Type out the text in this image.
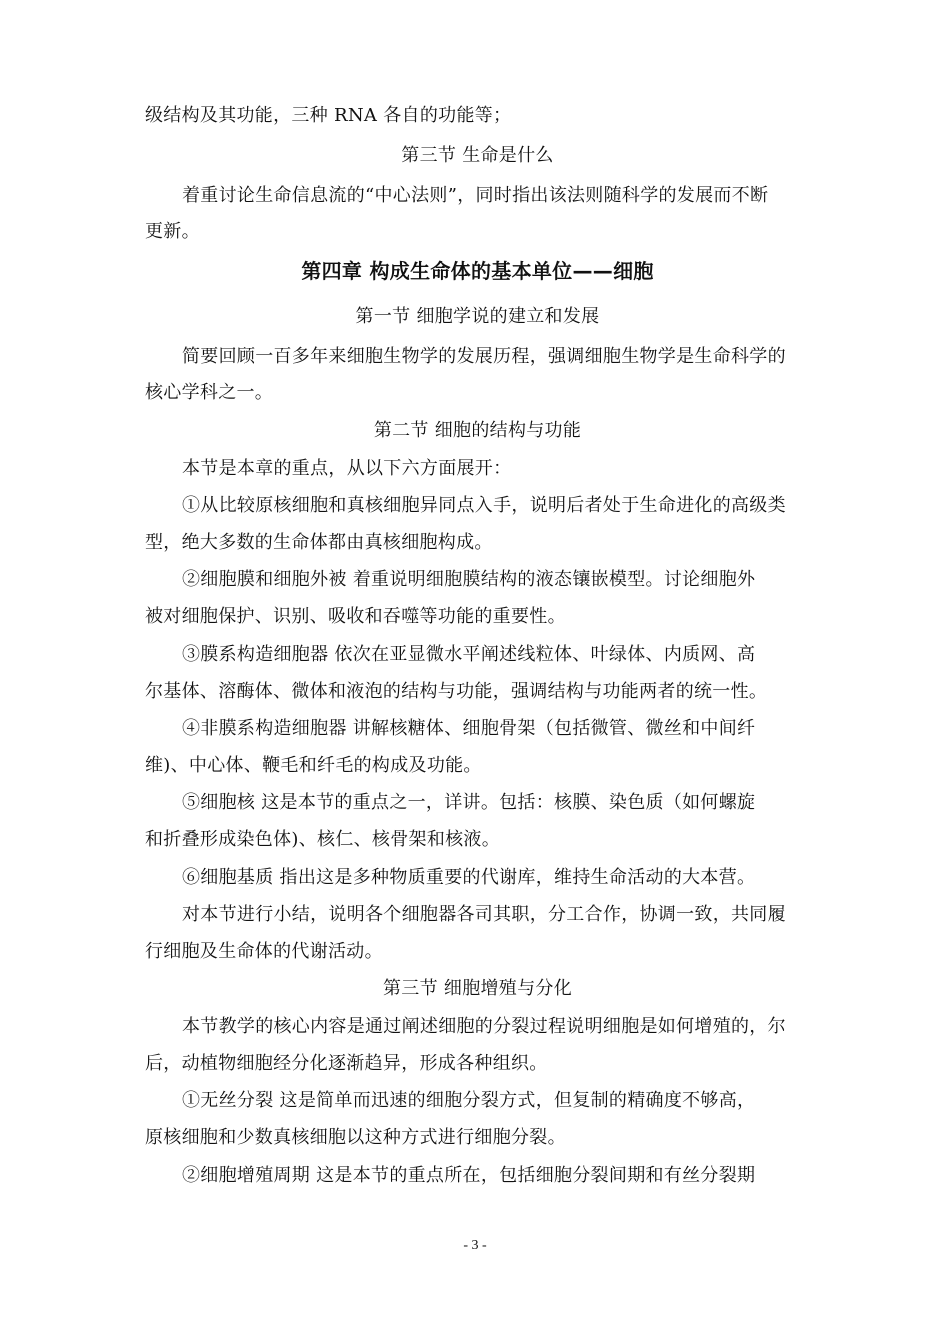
级结构及其功能，三种 RNA 各自的功能等；
第三节 生命是什么
着重讨论生命信息流的“中心法则”，同时指出该法则随科学的发展而不断
更新。
第四章 构成生命体的基本单位——细胞
第一节 细胞学说的建立和发展
简要回顾一百多年来细胞生物学的发展历程，强调细胞生物学是生命科学的
核心学科之一。
第二节 细胞的结构与功能
本节是本章的重点，从以下六方面展开：
①从比较原核细胞和真核细胞异同点入手，说明后者处于生命进化的高级类
型，绝大多数的生命体都由真核细胞构成。
②细胞膜和细胞外被 着重说明细胞膜结构的液态镶嵌模型。讨论细胞外
被对细胞保护、识别、吸收和吞噬等功能的重要性。
③膜系构造细胞器 依次在亚显微水平阐述线粒体、叶绿体、内质网、高
尔基体、溶酶体、微体和液泡的结构与功能，强调结构与功能两者的统一性。
④非膜系构造细胞器 讲解核糖体、细胞骨架（包括微管、微丝和中间纤
维)、中心体、鞭毛和纤毛的构成及功能。
⑤细胞核 这是本节的重点之一，详讲。包括：核膜、染色质（如何螺旋
和折叠形成染色体)、核仁、核骨架和核液。
⑥细胞基质 指出这是多种物质重要的代谢库，维持生命活动的大本营。
对本节进行小结，说明各个细胞器各司其职，分工合作，协调一致，共同履
行细胞及生命体的代谢活动。
第三节 细胞增殖与分化
本节教学的核心内容是通过阐述细胞的分裂过程说明细胞是如何增殖的，尔
后，动植物细胞经分化逐渐趋异，形成各种组织。
①无丝分裂 这是简单而迅速的细胞分裂方式，但复制的精确度不够高，
原核细胞和少数真核细胞以这种方式进行细胞分裂。
②细胞增殖周期 这是本节的重点所在，包括细胞分裂间期和有丝分裂期
- 3 -
